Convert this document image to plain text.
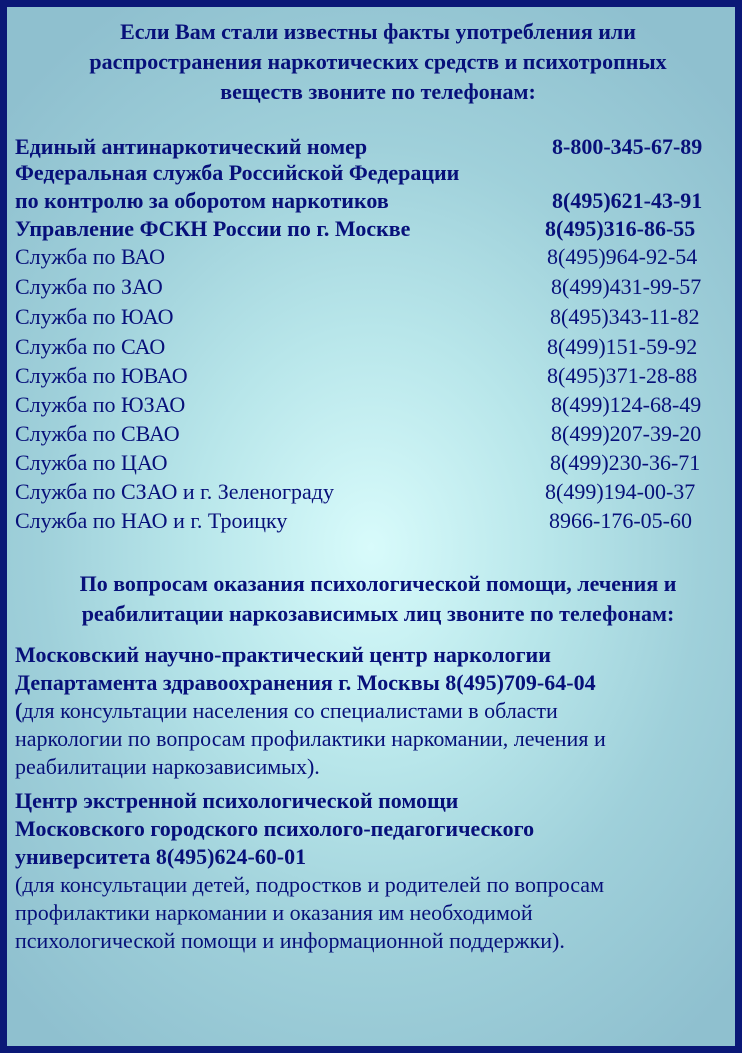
Если Вам стали известны факты употребления или
распространения наркотических средств и психотропных
веществ звоните по телефонам:
Единый антинаркотический номер	8-800-345-67-89
Федеральная служба Российской Федерации
по контролю за оборотом наркотиков	8(495)621-43-91
Управление ФСКН России по г. Москве	8(495)316-86-55
Служба по ВАО	8(495)964-92-54
Служба по ЗАО	8(499)431-99-57
Служба по ЮАО	8(495)343-11-82
Служба по САО	8(499)151-59-92
Служба по ЮВАО	8(495)371-28-88
Служба по ЮЗАО	8(499)124-68-49
Служба по СВАО	8(499)207-39-20
Служба по ЦАО	8(499)230-36-71
Служба по СЗАО и г. Зеленограду	8(499)194-00-37
Служба по НАО и г. Троицку	8966-176-05-60
По вопросам оказания психологической помощи, лечения и
реабилитации наркозависимых лиц звоните по телефонам:
Московский научно-практический центр наркологии
Департамента здравоохранения г. Москвы 8(495)709-64-04
(для консультации населения со специалистами в области
наркологии по вопросам профилактики наркомании, лечения и
реабилитации наркозависимых).
Центр экстренной психологической помощи
Московского городского психолого-педагогического
университета 8(495)624-60-01
(для консультации детей, подростков и родителей по вопросам
профилактики наркомании и оказания им необходимой
психологической помощи и информационной поддержки).
